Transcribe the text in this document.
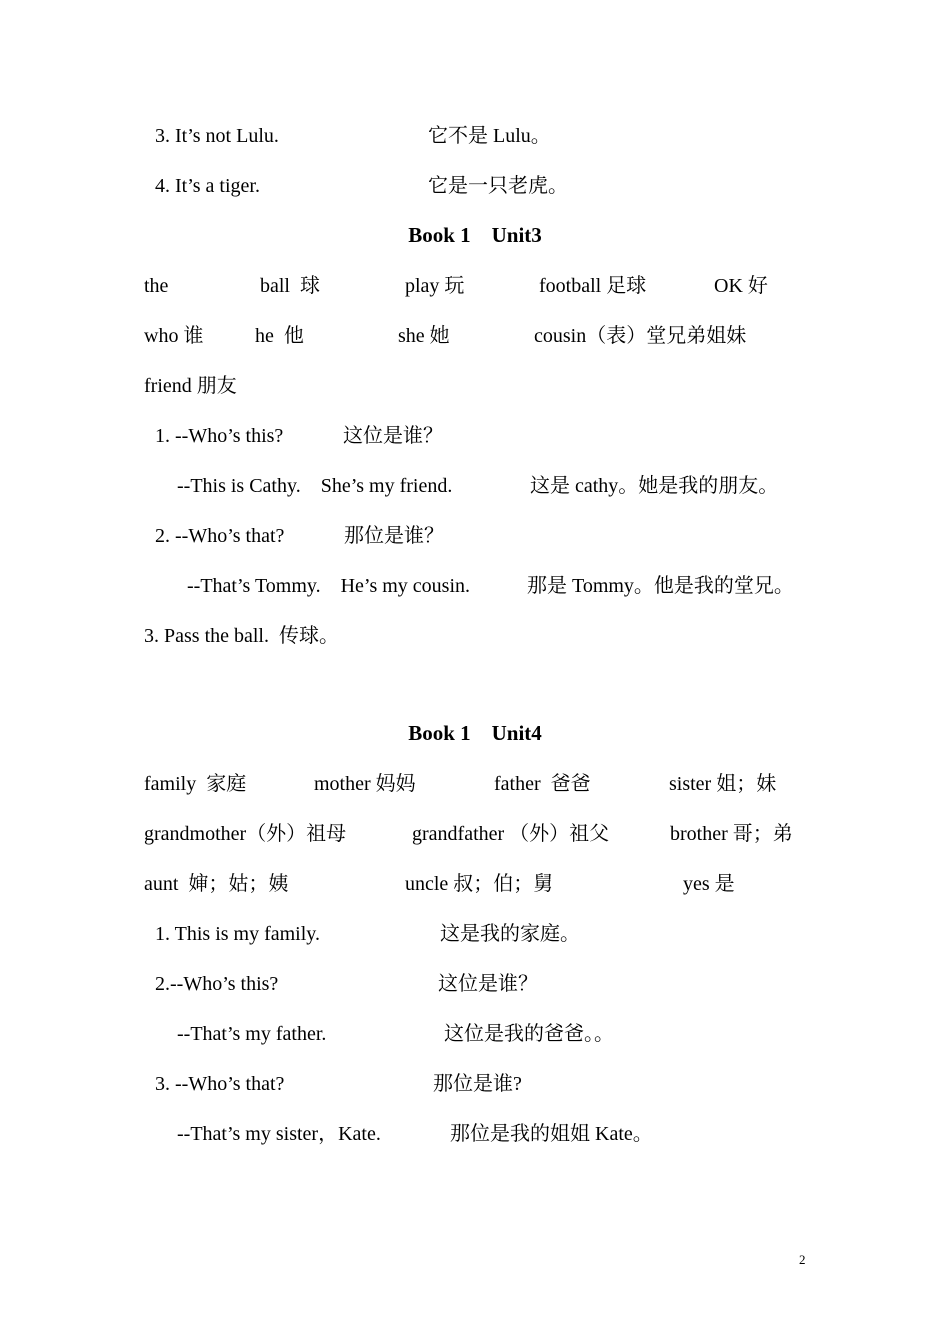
3. It’s not Lulu.	它不是 Lulu。
4. It’s a tiger.	它是一只老虎。
Book 1    Unit3
the	ball  球	play 玩	football 足球	OK 好
who 谁	he  他	she 她	cousin（表）堂兄弟姐妹
friend 朋友
1. --Who’s this?	这位是谁？
--This is Cathy.    She’s my friend.	这是 cathy。她是我的朋友。
2. --Who’s that?	那位是谁？
--That’s Tommy.    He’s my cousin.	那是 Tommy。他是我的堂兄。
3. Pass the ball.  传球。
Book 1    Unit4
family  家庭	mother 妈妈	father  爸爸	sister 姐；妹
grandmother（外）祖母	grandfather （外）祖父	brother 哥；弟
aunt  婶；姑；姨	uncle 叔；伯；舅	yes 是
1. This is my family.	这是我的家庭。
2.--Who’s this?	这位是谁？
--That’s my father.	这位是我的爸爸。。
3. --Who’s that?	那位是谁?
--That’s my sister，Kate.	那位是我的姐姐 Kate。
2
